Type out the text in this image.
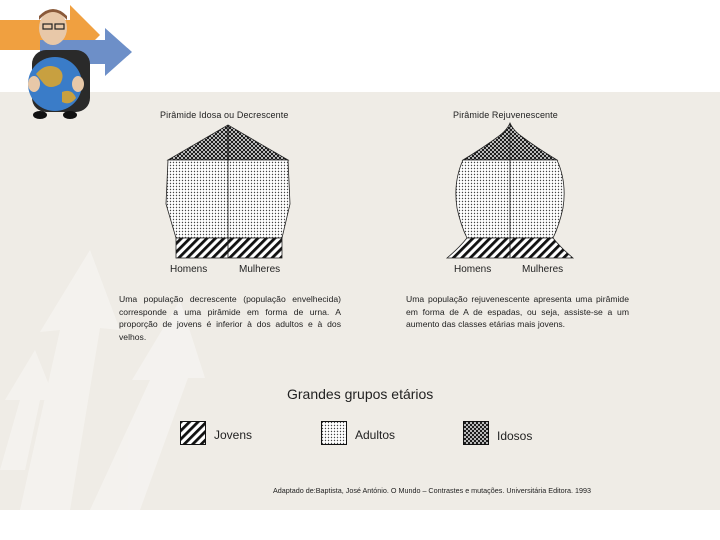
Pirâmide Idosa ou Decrescente
Homens	Mulheres
Uma população decrescente (população envelhecida) corresponde a uma pirâmide em forma de urna. A proporção de jovens é inferior à dos adultos e à dos velhos.
Pirâmide Rejuvenescente
Homens	Mulheres
Uma população rejuvenescente apresenta uma pirâmide em forma de A de espadas, ou seja, assiste-se a um aumento das classes etárias mais jovens.
Grandes grupos etários
Jovens	Adultos	Idosos
Adaptado de:Baptista, José António. O Mundo – Contrastes e mutações. Universitária Editora. 1993
